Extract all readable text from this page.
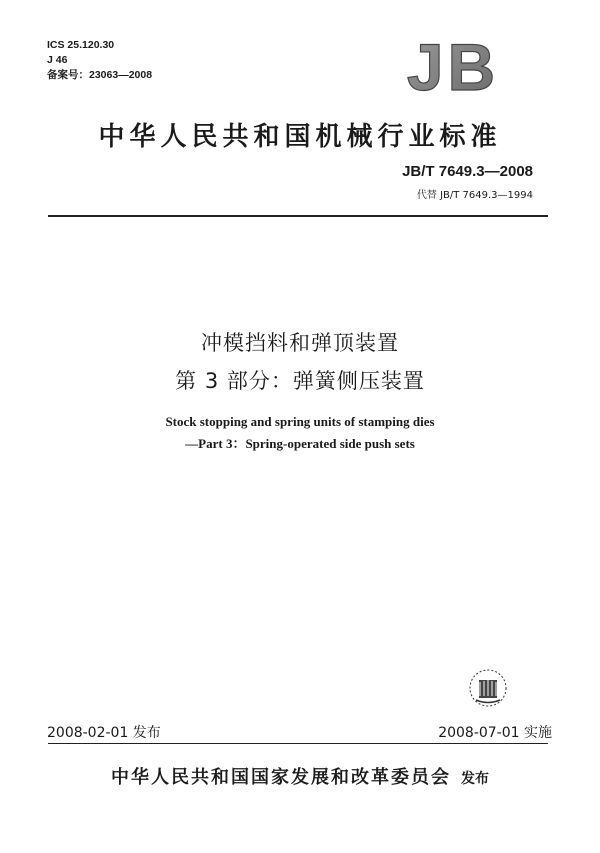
ICS 25.120.30
J 46
备案号：23063—2008	JB
中华人民共和国机械行业标准
JB/T 7649.3—2008
代替 JB/T 7649.3—1994
冲模挡料和弹顶装置
第 3 部分：弹簧侧压装置
Stock stopping and spring units of stamping dies
—Part 3：Spring-operated side push sets
2008-02-01 发布	2008-07-01 实施
中华人民共和国国家发展和改革委员会 发布
